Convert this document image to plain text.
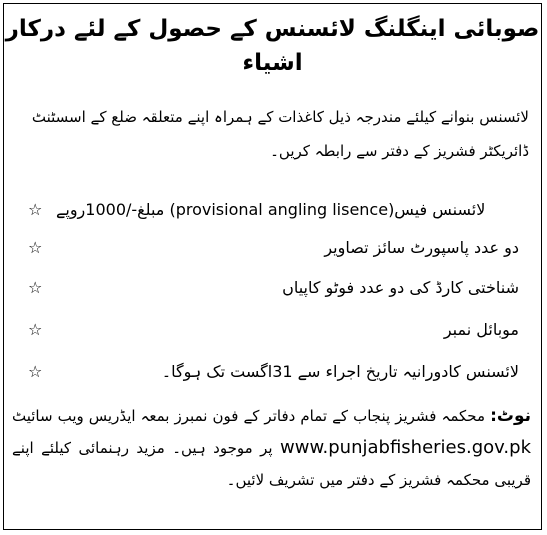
صوبائی اینگلنگ لائسنس کے حصول کے لئے درکار اشیاء
لائسنس بنوانے کیلئے مندرجہ ذیل کاغذات کے ہمراہ اپنے متعلقہ ضلع کے اسسٹنٹ ڈائریکٹر فشریز کے دفتر سے رابطہ کریں۔
☆ لائسنس فیس(provisional angling lisence) مبلغ-/1000روپے
☆	دو عدد پاسپورٹ سائز تصاویر
☆	شناختی کارڈ کی دو عدد فوٹو کاپیاں
☆	موبائل نمبر
☆	لائسنس کادورانیہ تاریخ اجراء سے 31اگست تک ہوگا۔
نوٹ: محکمہ فشریز پنجاب کے تمام دفاتر کے فون نمبرز بمعہ ایڈریس ویب سائیٹ www.punjabfisheries.gov.pk پر موجود ہیں۔ مزید رہنمائی کیلئے اپنے قریبی محکمہ فشریز کے دفتر میں تشریف لائیں۔
